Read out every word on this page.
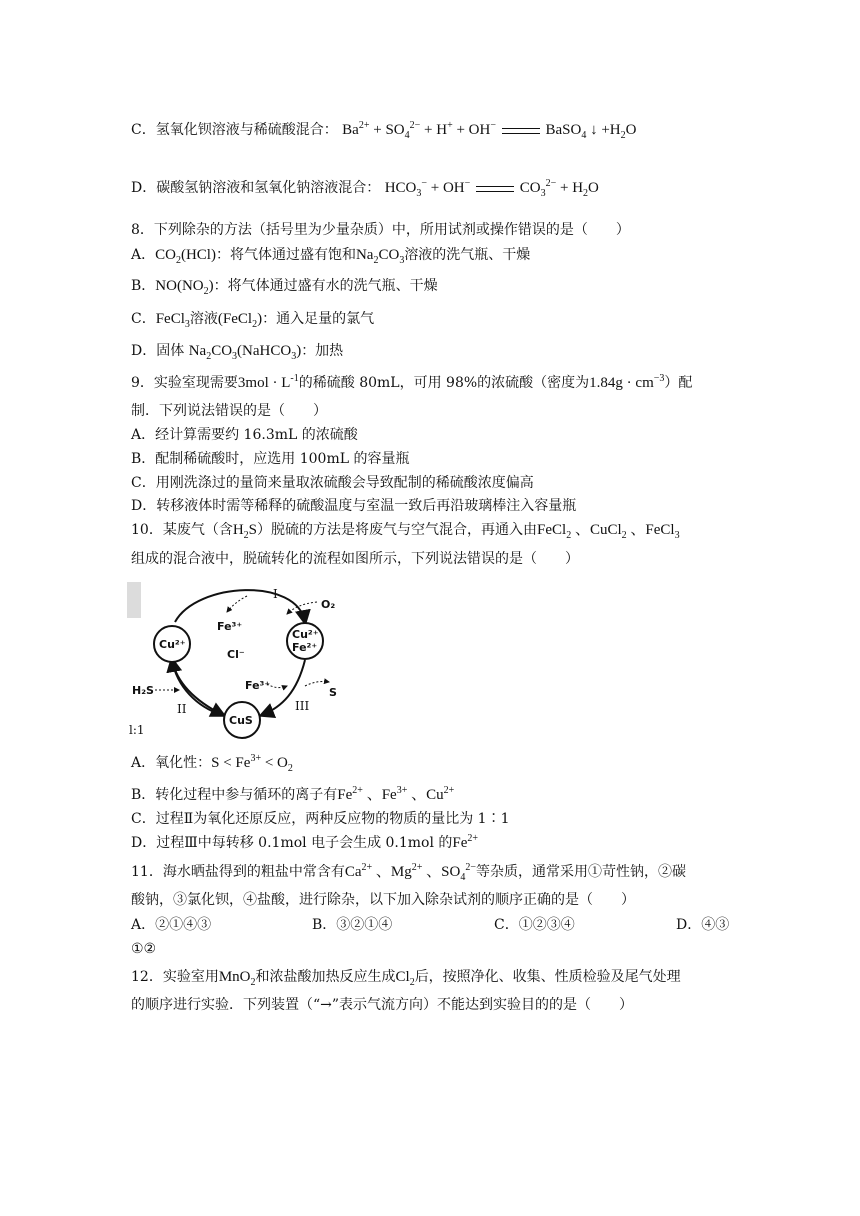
C．氢氧化钡溶液与稀硫酸混合： $Ba^{2+} + SO_4^{2-} + H^+ + OH^-$	BaSO$_4$ ↓ $+H_2O$
D．碳酸氢钠溶液和氢氧化钠溶液混合： $HCO_3^- + OH^-$	$CO_3^{2-} + H_2O$
8．下列除杂的方法（括号里为少量杂质）中，所用试剂或操作错误的是（　　）
A．$CO_2(HCl)$：将气体通过盛有饱和$Na_2CO_3$溶液的洗气瓶、干燥
B．$NO(NO_2)$：将气体通过盛有水的洗气瓶、干燥
C．FeCl$_3$溶液(FeCl$_2$)：通入足量的氯气
D．固体 $Na_2CO_3(NaHCO_3)$：加热
9．实验室现需要$3mol \cdot L^{-1}$的稀硫酸 80mL，可用 98%的浓硫酸（密度为$1.84g \cdot cm^{-3}$）配
制．下列说法错误的是（　　）
A．经计算需要约 16.3mL 的浓硫酸
B．配制稀硫酸时，应选用 100mL 的容量瓶
C．用刚洗涤过的量筒来量取浓硫酸会导致配制的稀硫酸浓度偏高
D．转移液体时需等稀释的硫酸温度与室温一致后再沿玻璃棒注入容量瓶
10．某废气（含$H_2S$）脱硫的方法是将废气与空气混合，再通入由FeCl$_2$ 、CuCl$_2$ 、FeCl$_3$
组成的混合液中，脱硫转化的流程如图所示，下列说法错误的是（　　）
Cu²⁺
Cu²⁺
Fe²⁺
CuS
Fe³⁺
Cl⁻
Fe³⁺
O₂
I
H₂S
II
S
III
l:1
A．氧化性：$S < Fe^{3+} < O_2$
B．转化过程中参与循环的离子有$Fe^{2+}$ 、$Fe^{3+}$ 、$Cu^{2+}$
C．过程Ⅱ为氧化还原反应，两种反应物的物质的量比为 1∶1
D．过程Ⅲ中每转移 0.1mol 电子会生成 0.1mol 的$Fe^{2+}$
11．海水晒盐得到的粗盐中常含有$Ca^{2+}$ 、$Mg^{2+}$ 、$SO_4^{2-}$等杂质，通常采用①苛性钠，②碳
酸钠，③氯化钡，④盐酸，进行除杂，以下加入除杂试剂的顺序正确的是（　　）
A．②①④③	B．③②①④	C．①②③④	D．④③
①②
12．实验室用MnO$_2$和浓盐酸加热反应生成$Cl_2$后，按照净化、收集、性质检验及尾气处理
的顺序进行实验．下列装置（“→”表示气流方向）不能达到实验目的的是（　　）
